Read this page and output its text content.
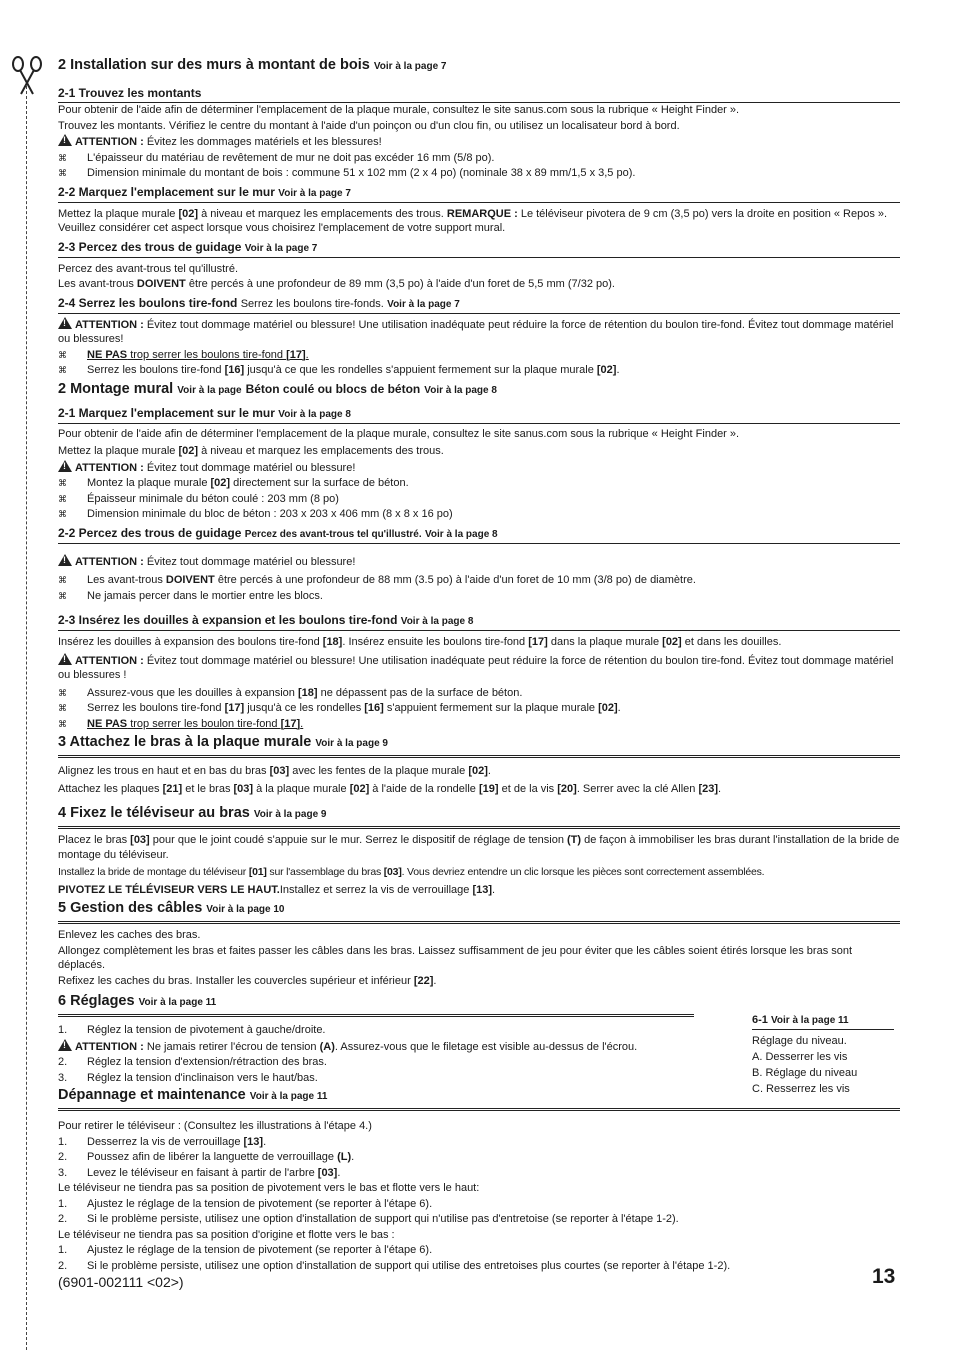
2 Installation sur des murs à montant de bois Voir à la page 7
2-1 Trouvez les montants

Pour obtenir de l'aide afin de déterminer l'emplacement de la plaque murale, consultez le site sanus.com sous la rubrique « Height Finder ».

Trouvez les montants. Vérifiez le centre du montant à l'aide d'un poinçon ou d'un clou fin, ou utilisez un localisateur bord à bord.

!ATTENTION : Évitez les dommages matériels et les blessures!

⌘ L'épaisseur du matériau de revêtement de mur ne doit pas excéder 16 mm (5/8 po).
⌘ Dimension minimale du montant de bois : commune 51 x 102 mm (2 x 4 po) (nominale 38 x 89 mm/1,5 x 3,5 po).
2-2 Marquez l'emplacement sur le mur Voir à la page 7

Mettez la plaque murale [02] à niveau et marquez les emplacements des trous. REMARQUE : Le téléviseur pivotera de 9 cm (3,5 po) vers la droite en position « Repos ». Veuillez considérer cet aspect lorsque vous choisirez l'emplacement de votre support mural.

2-3 Percez des trous de guidage Voir à la page 7

Percez des avant-trous tel qu'illustré.

Les avant-trous DOIVENT être percés à une profondeur de 89 mm (3,5 po) à l'aide d'un foret de 5,5 mm (7/32 po).

2-4 Serrez les boulons tire-fond Serrez les boulons tire-fonds. Voir à la page 7

!ATTENTION : Évitez tout dommage matériel ou blessure! Une utilisation inadéquate peut réduire la force de rétention du boulon tire-fond. Évitez tout dommage matériel ou blessures!

⌘ NE PAS trop serrer les boulons tire-fond [17].
⌘ Serrez les boulons tire-fond [16] jusqu'à ce que les rondelles s'appuient fermement sur la plaque murale [02].
2 Montage mural Voir à la page Béton coulé ou blocs de béton Voir à la page 8
2-1 Marquez l'emplacement sur le mur Voir à la page 8

Pour obtenir de l'aide afin de déterminer l'emplacement de la plaque murale, consultez le site sanus.com sous la rubrique « Height Finder ».

Mettez la plaque murale [02] à niveau et marquez les emplacements des trous.

!ATTENTION : Évitez tout dommage matériel ou blessure!

⌘ Montez la plaque murale [02] directement sur la surface de béton.
⌘ Épaisseur minimale du béton coulé : 203 mm (8 po)
⌘ Dimension minimale du bloc de béton : 203 x 203 x 406 mm (8 x 8 x 16 po)
2-2 Percez des trous de guidage Percez des avant-trous tel qu'illustré. Voir à la page 8

!ATTENTION : Évitez tout dommage matériel ou blessure!

⌘ Les avant-trous DOIVENT être percés à une profondeur de 88 mm (3.5 po) à l'aide d'un foret de 10 mm (3/8 po) de diamètre.
⌘ Ne jamais percer dans le mortier entre les blocs.
2-3 Insérez les douilles à expansion et les boulons tire-fond Voir à la page 8

Insérez les douilles à expansion des boulons tire-fond [18]. Insérez ensuite les boulons tire-fond [17] dans la plaque murale [02] et dans les douilles.

!ATTENTION : Évitez tout dommage matériel ou blessure! Une utilisation inadéquate peut réduire la force de rétention du boulon tire-fond. Évitez tout dommage matériel ou blessures !

⌘ Assurez-vous que les douilles à expansion [18] ne dépassent pas de la surface de béton.
⌘ Serrez les boulons tire-fond [17] jusqu'à ce les rondelles [16] s'appuient fermement sur la plaque murale [02].
⌘ NE PAS trop serrer les boulon tire-fond [17].
3 Attachez le bras à la plaque murale Voir à la page 9

Alignez les trous en haut et en bas du bras [03] avec les fentes de la plaque murale [02].

Attachez les plaques [21] et le bras [03] à la plaque murale [02] à l'aide de la rondelle [19] et de la vis [20]. Serrer avec la clé Allen [23].

4 Fixez le téléviseur au bras Voir à la page 9

Placez le bras [03] pour que le joint coudé s'appuie sur le mur. Serrez le dispositif de réglage de tension (T) de façon à immobiliser les bras durant l'installation de la bride de montage du téléviseur.

Installez la bride de montage du téléviseur [01] sur l'assemblage du bras [03]. Vous devriez entendre un clic lorsque les pièces sont correctement assemblées.

PIVOTEZ LE TÉLÉVISEUR VERS LE HAUT.Installez et serrez la vis de verrouillage [13].

5 Gestion des câbles Voir à la page 10

Enlevez les caches des bras.

Allongez complètement les bras et faites passer les câbles dans les bras. Laissez suffisamment de jeu pour éviter que les câbles soient étirés lorsque les bras sont déplacés.

Refixez les caches du bras. Installer les couvercles supérieur et inférieur [22].

6 Réglages Voir à la page 11
1. Réglez la tension de pivotement à gauche/droite.

!ATTENTION : Ne jamais retirer l'écrou de tension (A). Assurez-vous que le filetage est visible au-dessus de l'écrou.

2. Réglez la tension d'extension/rétraction des bras.
3. Réglez la tension d'inclinaison vers le haut/bas.
Dépannage et maintenance Voir à la page 11

Pour retirer le téléviseur : (Consultez les illustrations à l'étape 4.)

1. Desserrez la vis de verrouillage [13].
2. Poussez afin de libérer la languette de verrouillage (L).
3. Levez le téléviseur en faisant à partir de l'arbre [03].

Le téléviseur ne tiendra pas sa position de pivotement vers le bas et flotte vers le haut:

1. Ajustez le réglage de la tension de pivotement (se reporter à l'étape 6).
2. Si le problème persiste, utilisez une option d'installation de support qui n'utilise pas d'entretoise (se reporter à l'étape 1-2).

Le téléviseur ne tiendra pas sa position d'origine et flotte vers le bas :

1. Ajustez le réglage de la tension de pivotement (se reporter à l'étape 6).
2. Si le problème persiste, utilisez une option d'installation de support qui utilise des entretoises plus courtes (se reporter à l'étape 1-2).
6-1 Voir à la page 11
Réglage du niveau.
A. Desserrer les vis
B. Réglage du niveau
C. Resserrez les vis
(6901-002111 <02>)	13
